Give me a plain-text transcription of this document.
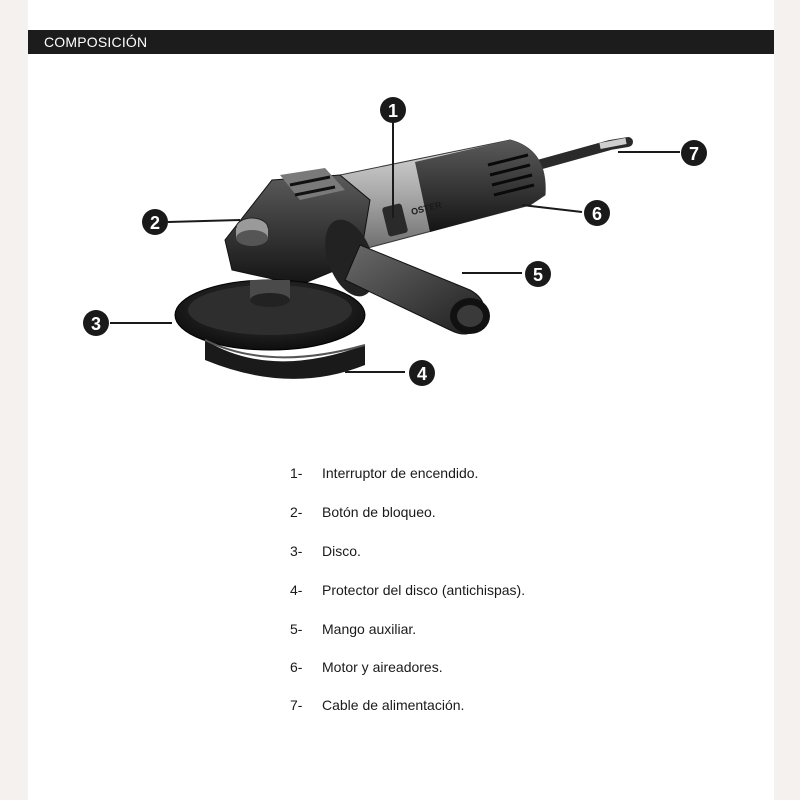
COMPOSICIÓN
OSTER
1
2
3
4
5
6
7
1-	Interruptor de encendido.
2-	Botón de bloqueo.
3-	Disco.
4-	Protector del disco (antichispas).
5-	Mango auxiliar.
6-	Motor y aireadores.
7-	Cable de alimentación.
